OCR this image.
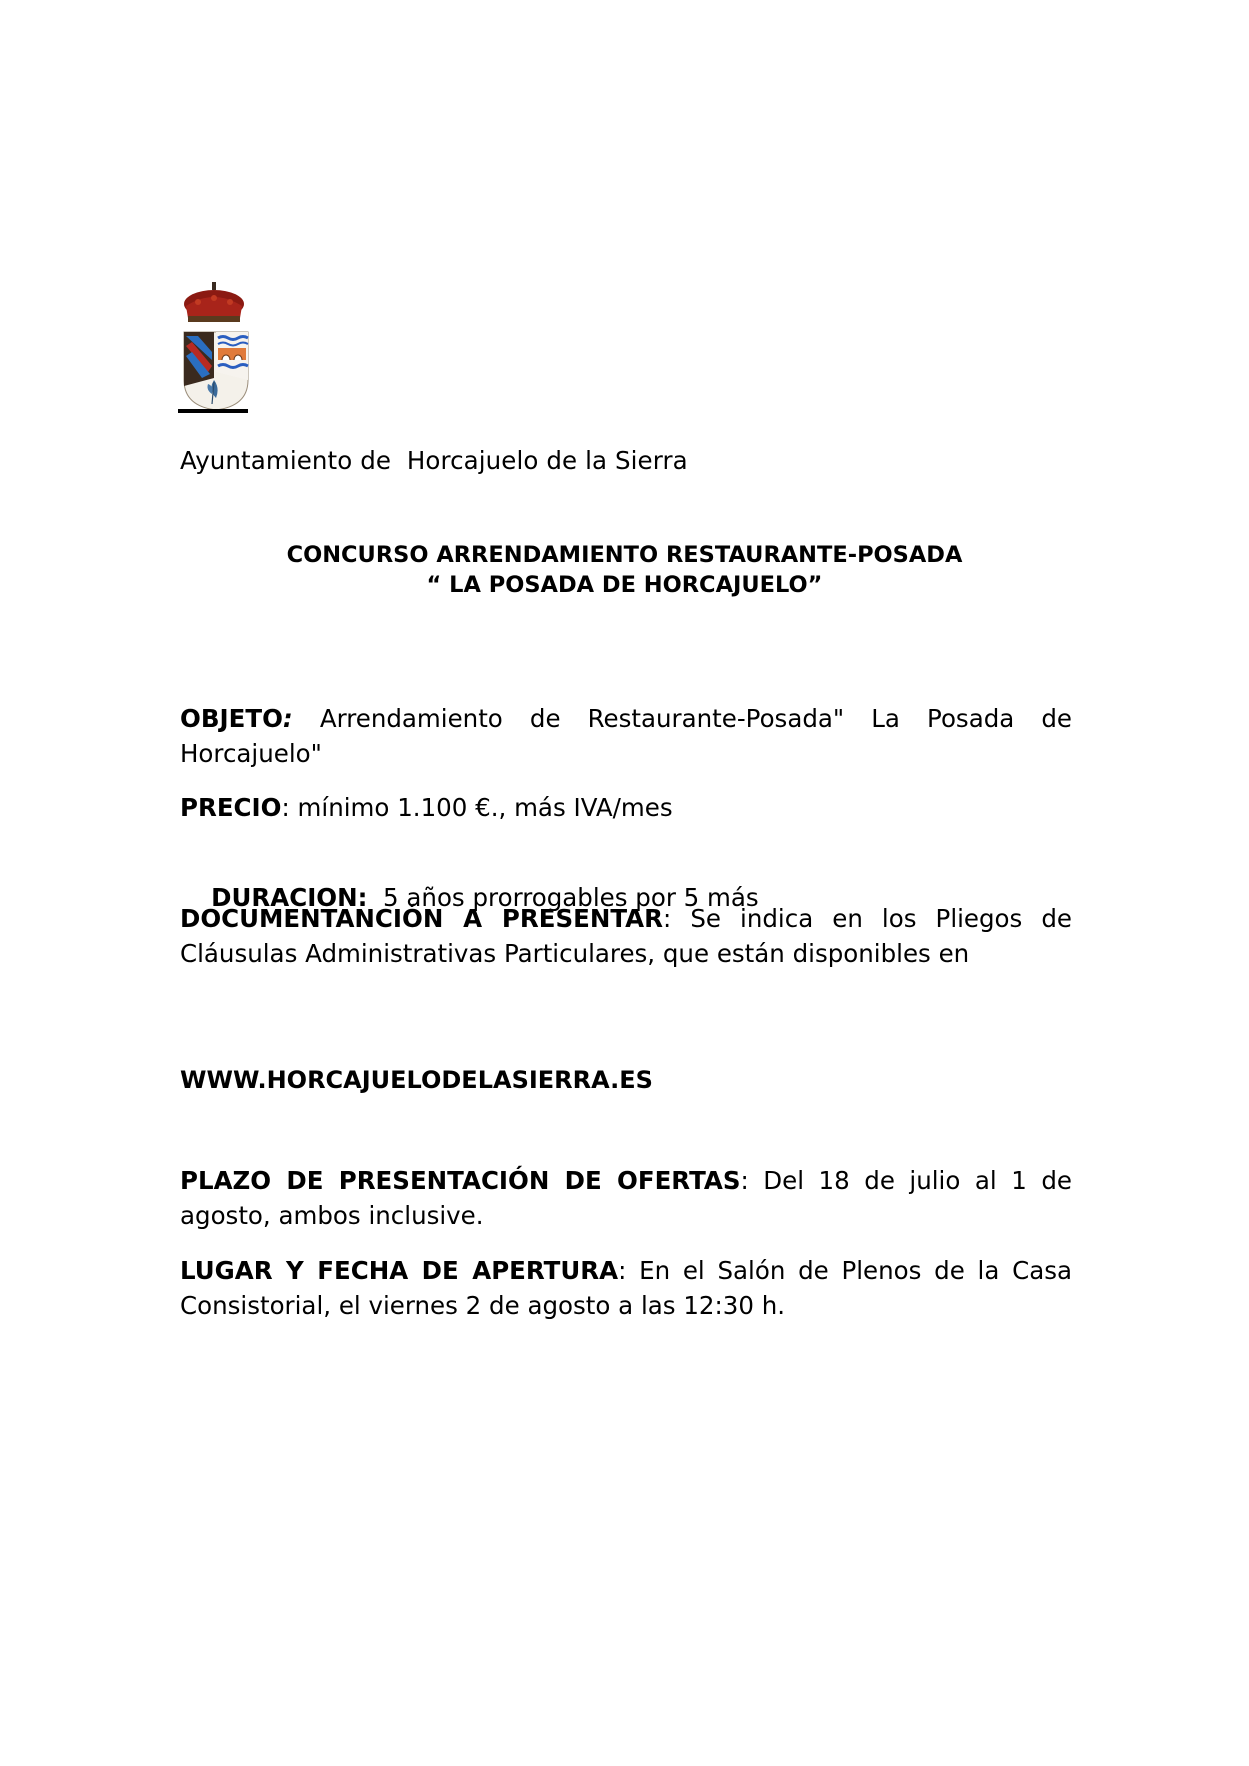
Ayuntamiento de  Horcajuelo de la Sierra
CONCURSO ARRENDAMIENTO RESTAURANTE-POSADA
“ LA POSADA DE HORCAJUELO”
OBJETO: Arrendamiento de Restaurante-Posada" La Posada de Horcajuelo"
PRECIO: mínimo 1.100 €., más IVA/mes

DURACION:  5 años prorrogables por 5 más

DOCUMENTANCIÓN A PRESENTAR: Se indica en los Pliegos de Cláusulas Administrativas Particulares, que están disponibles en
WWW.HORCAJUELODELASIERRA.ES
PLAZO DE PRESENTACIÓN DE OFERTAS: Del 18 de julio al 1 de agosto, ambos inclusive.
LUGAR Y FECHA DE APERTURA: En el Salón de Plenos de la Casa Consistorial, el viernes 2 de agosto a las 12:30 h.
